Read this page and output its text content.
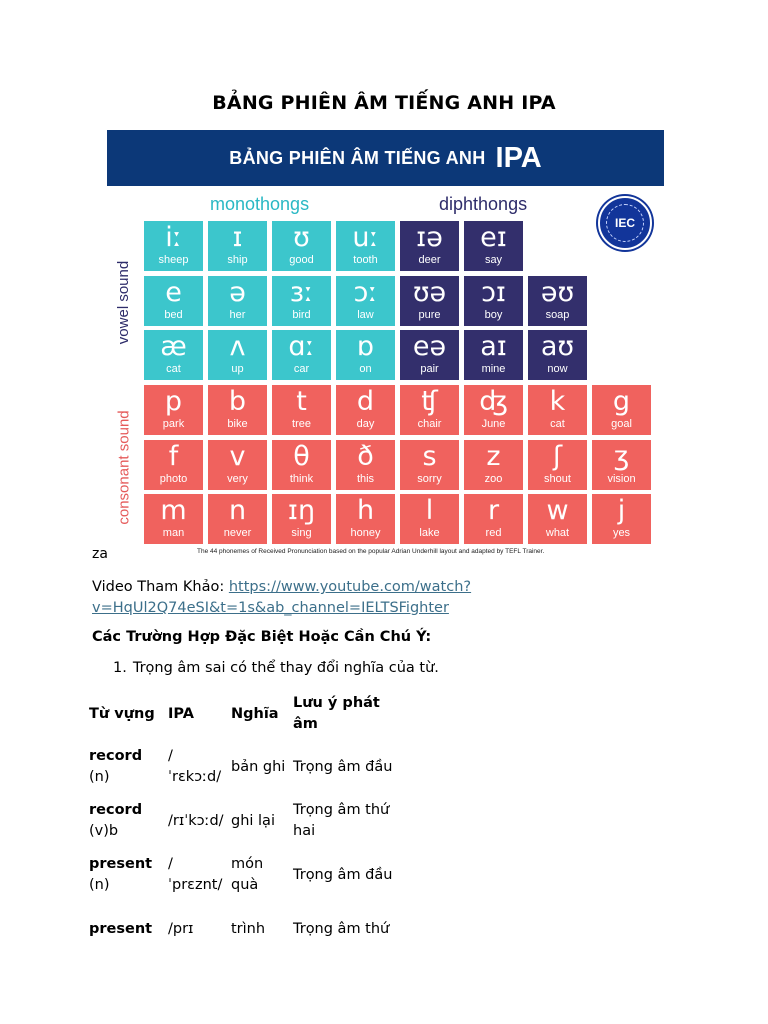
BẢNG PHIÊN ÂM TIẾNG ANH IPA
BẢNG PHIÊN ÂM TIẾNG ANH IPA
monothongs	diphthongs
IEC
vowel sound
consonant sound
iː
sheep
ɪ
ship
ʊ
good
uː
tooth
e
bed
ə
her
ɜː
bird
ɔː
law
æ
cat
ʌ
up
ɑː
car
ɒ
on
ɪə
deer
eɪ
say
ʊə
pure
ɔɪ
boy
əʊ
soap
eə
pair
aɪ
mine
aʊ
now
p
park
b
bike
t
tree
d
day
ʧ
chair
ʤ
June
k
cat
g
goal
f
photo
v
very
θ
think
ð
this
s
sorry
z
zoo
ʃ
shout
ʒ
vision
m
man
n
never
ɪŋ
sing
h
honey
l
lake
r
red
w
what
j
yes
The 44 phonemes of Received Pronunciation based on the popular Adrian Underhill layout and adapted by TEFL Trainer.
za
Video Tham Khảo: https://www.youtube.com/watch?
v=HqUl2Q74eSI&t=1s&ab_channel=IELTSFighter
Các Trường Hợp Đặc Biệt Hoặc Cần Chú Ý:
1. Trọng âm sai có thể thay đổi nghĩa của từ.
Từ vựng	IPA	Nghĩa	Lưu ý phát âm
record
(n)	/ˈrɛkɔːd/	bản ghi	Trọng âm đầu
record
(v)b	/rɪˈkɔːd/	ghi lại	Trọng âm thứ hai
present
(n)	/ˈprɛznt/	món quà	Trọng âm đầu
present	/prɪ	trình	Trọng âm thứ
